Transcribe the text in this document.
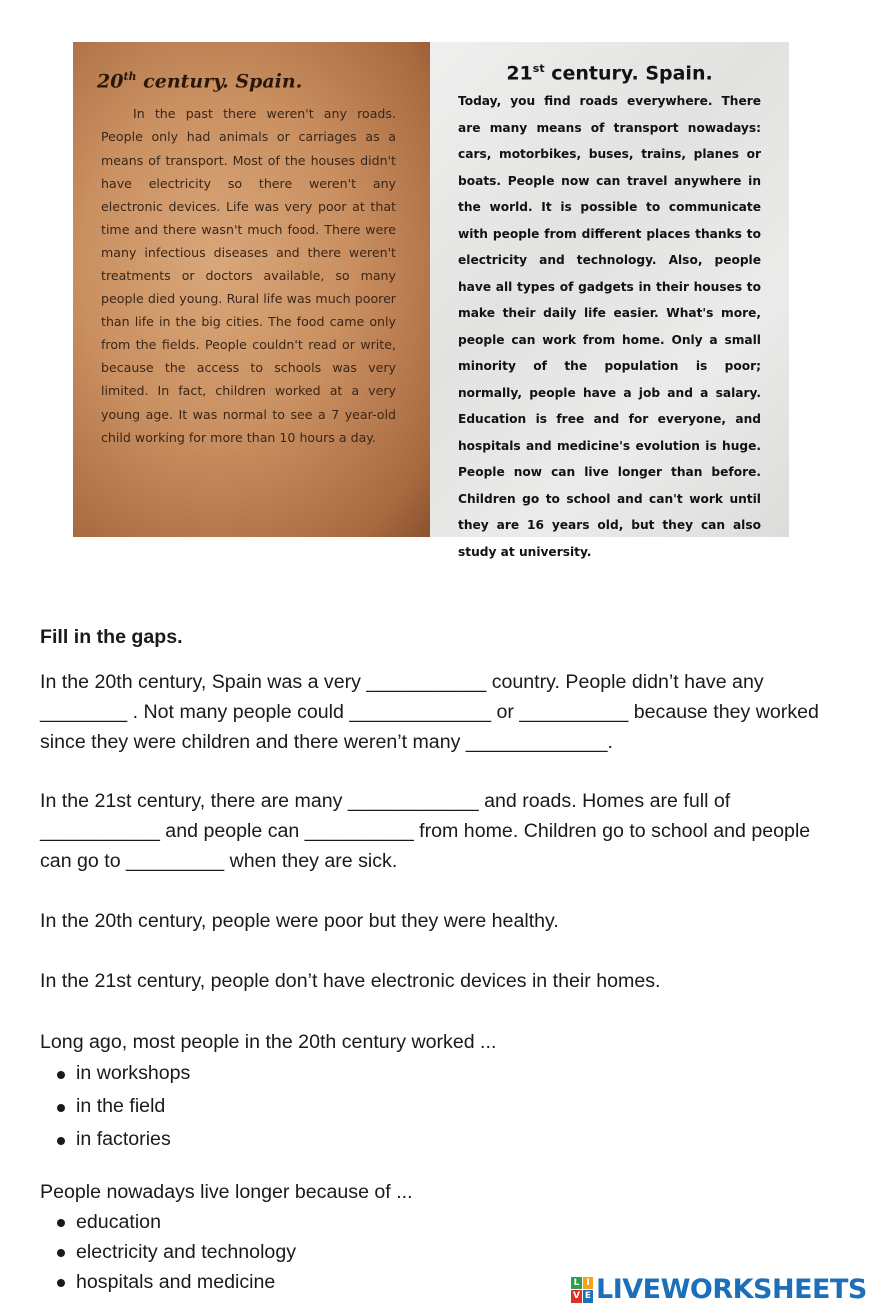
20th century. Spain.

In the past there weren't any roads. People only had animals or carriages as a means of transport. Most of the houses didn't have electricity so there weren't any electronic devices. Life was very poor at that time and there wasn't much food. There were many infectious diseases and there weren't treatments or doctors available, so many people died young. Rural life was much poorer than life in the big cities. The food came only from the fields. People couldn't read or write, because the access to schools was very limited. In fact, children worked at a very young age. It was normal to see a 7 year-old child working for more than 10 hours a day.

21st century. Spain.

Today, you find roads everywhere. There are many means of transport nowadays: cars, motorbikes, buses, trains, planes or boats. People now can travel anywhere in the world. It is possible to communicate with people from different places thanks to electricity and technology. Also, people have all types of gadgets in their houses to make their daily life easier. What's more, people can work from home. Only a small minority of the population is poor; normally, people have a job and a salary. Education is free and for everyone, and hospitals and medicine's evolution is huge. People now can live longer than before. Children go to school and can't work until they are 16 years old, but they can also study at university.

Fill in the gaps.
In the 20th century, Spain was a very ___________ country. People didn’t have any ________ . Not many people could _____________ or __________ because they worked since they were children and there weren’t many _____________.
In the 21st century, there are many ____________ and roads. Homes are full of ___________ and people can __________ from home. Children go to school and people can go to _________ when they are sick.
In the 20th century, people were poor but they were healthy.
In the 21st century, people don’t have electronic devices in their homes.
Long ago, most people in the 20th century worked ...
in workshops
in the field
in factories
People nowadays live longer because of ...
education
electricity and technology
hospitals and medicine	L I
V E LIVEWORKSHEETS
